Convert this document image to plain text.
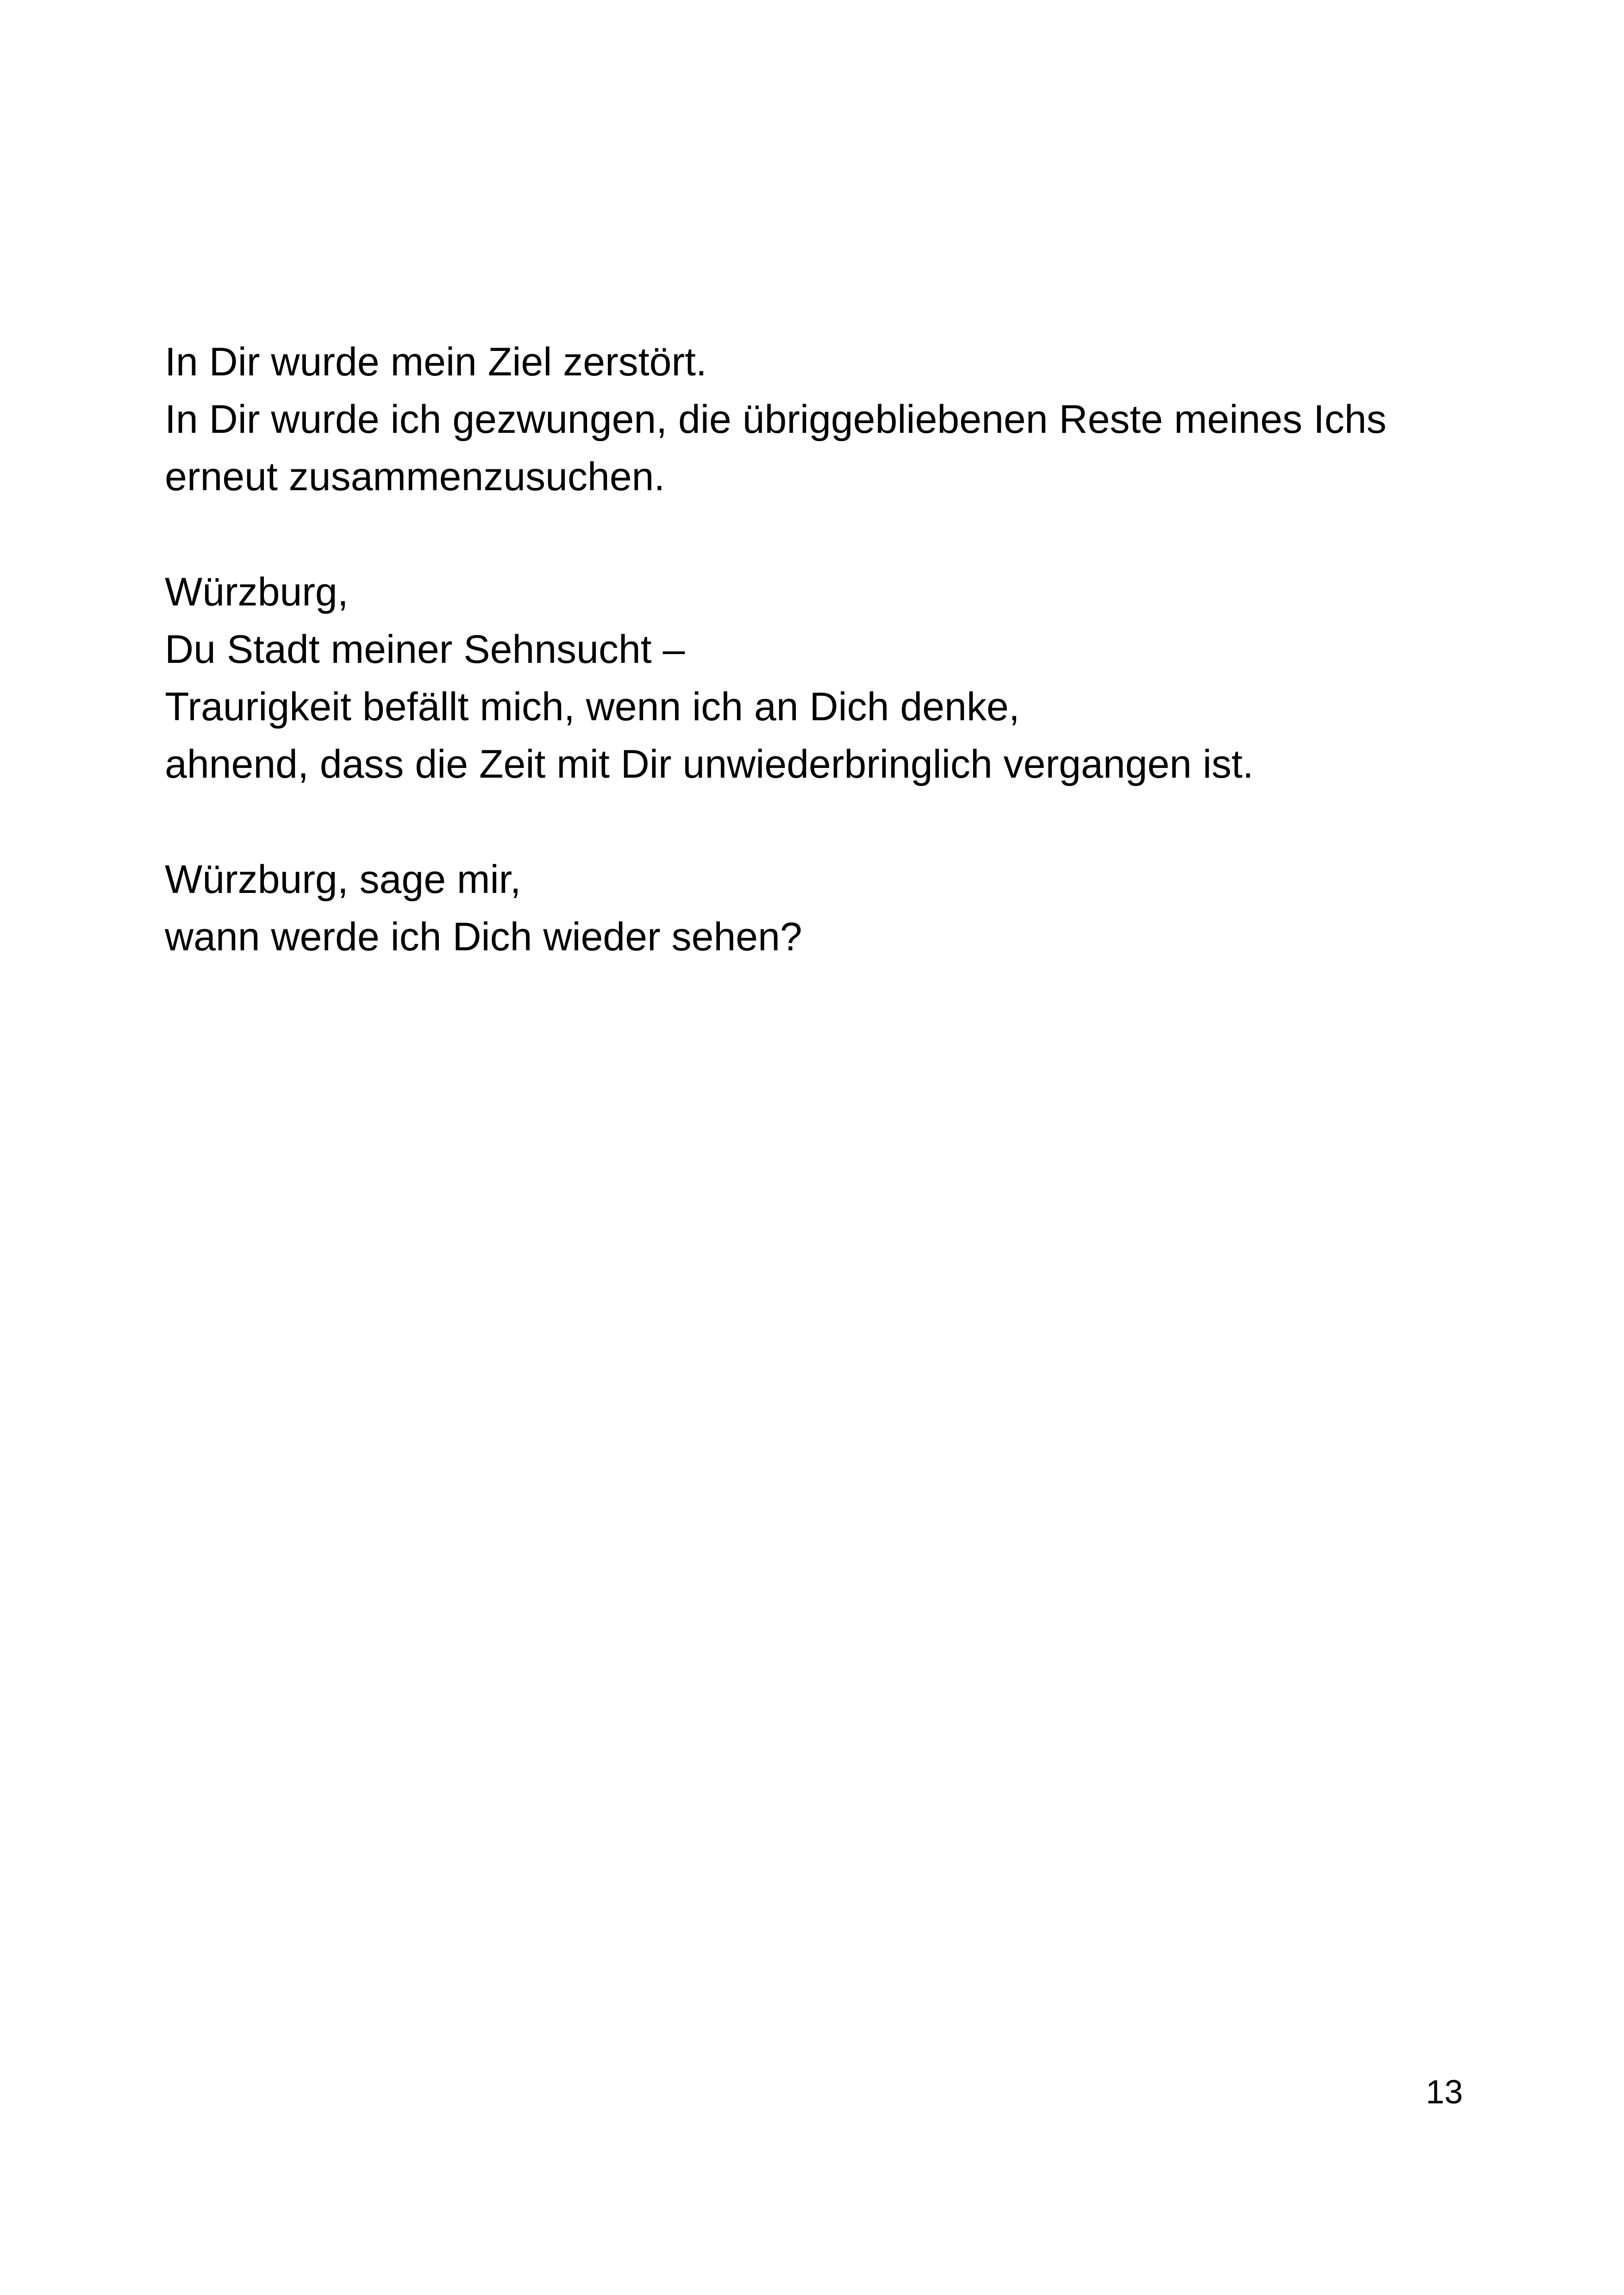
In Dir wurde mein Ziel zerstört.
In Dir wurde ich gezwungen, die übriggebliebenen Reste meines Ichs
erneut zusammenzusuchen.
Würzburg,
Du Stadt meiner Sehnsucht –
Traurigkeit befällt mich, wenn ich an Dich denke,
ahnend, dass die Zeit mit Dir unwiederbringlich vergangen ist.
Würzburg, sage mir,
wann werde ich Dich wieder sehen?
13
